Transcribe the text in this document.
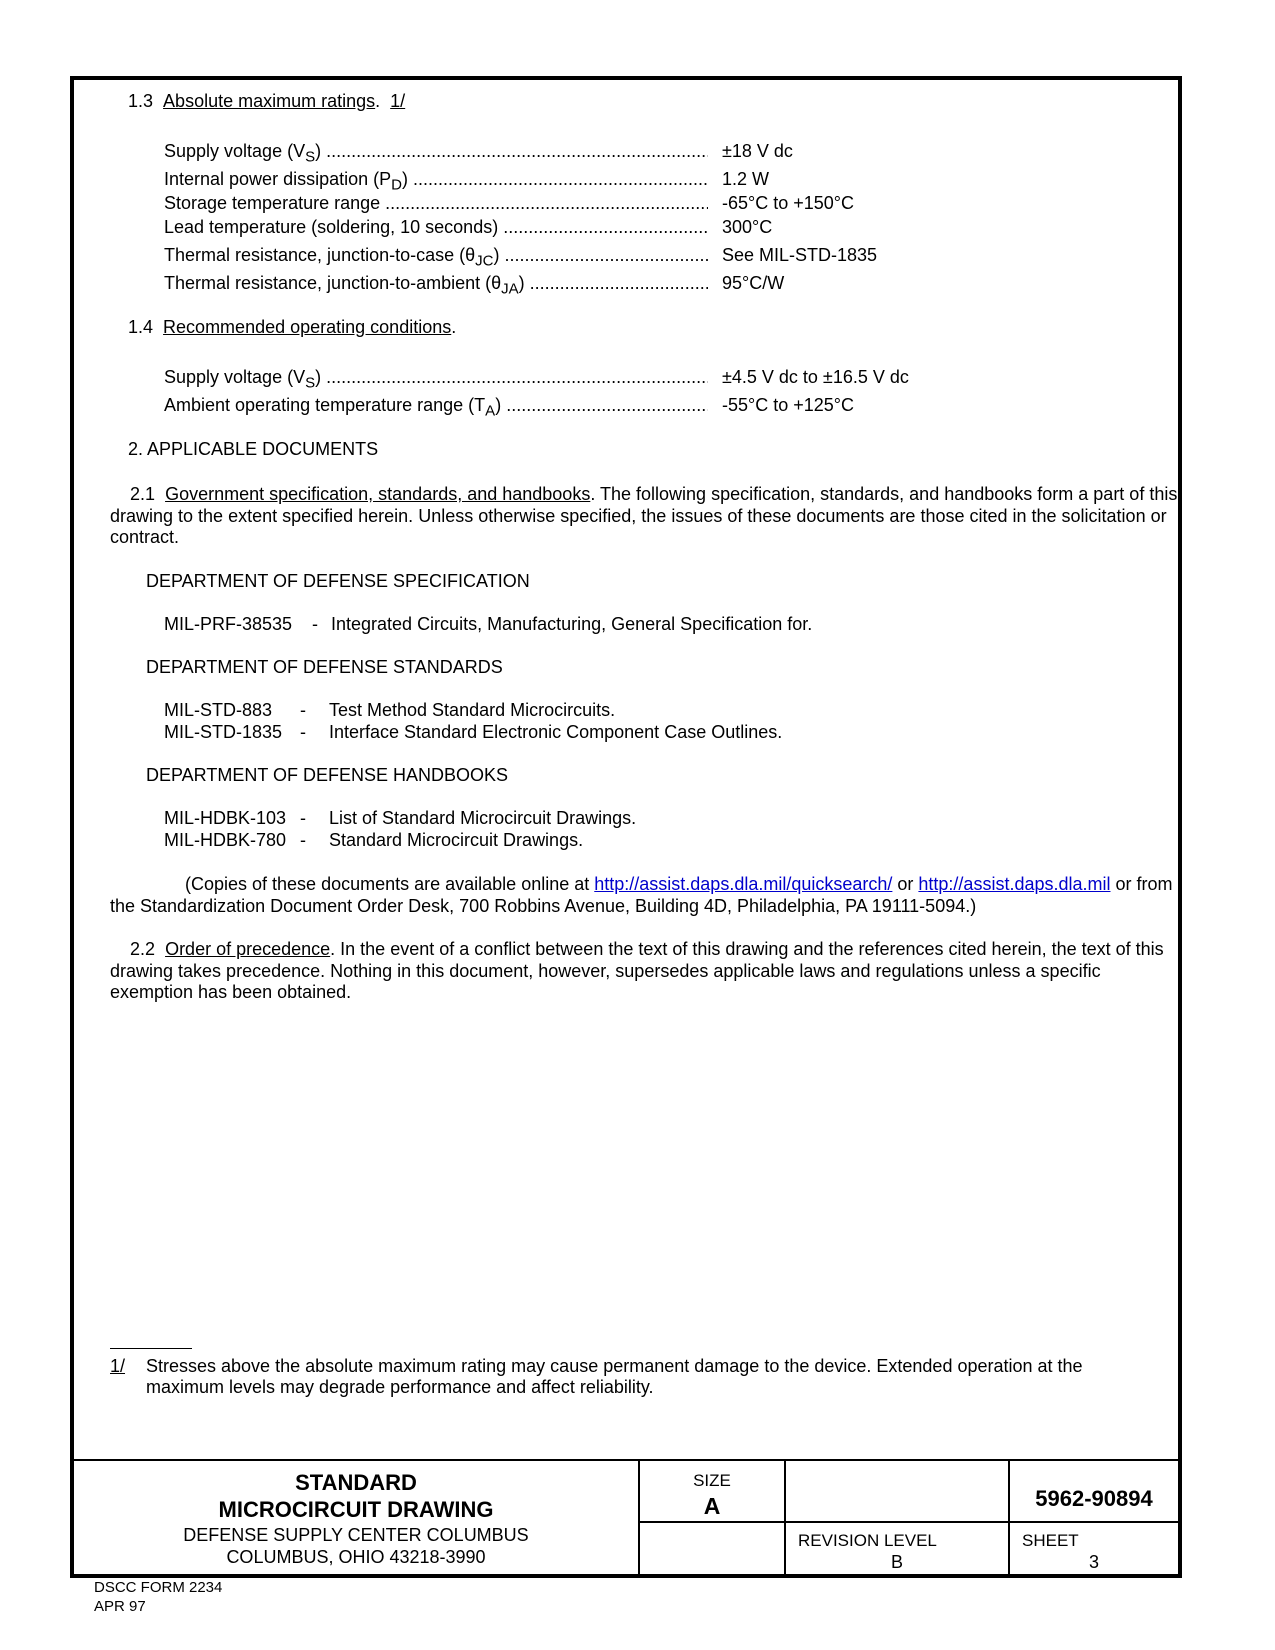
1.3 Absolute maximum ratings. 1/
Supply voltage $(V_S)$ .....	±18 V dc
Internal power dissipation $(P_D)$ .....	1.2 W
Storage temperature range .....	-65°C to +150°C
Lead temperature (soldering, 10 seconds) .....	300°C
Thermal resistance, junction-to-case $(\theta_{JC})$ .....	See MIL-STD-1835
Thermal resistance, junction-to-ambient $(\theta_{JA})$ .....	95°C/W
1.4 Recommended operating conditions.
Supply voltage $(V_S)$ .....	±4.5 V dc to ±16.5 V dc
Ambient operating temperature range $(T_A)$ .....	-55°C to +125°C
2. APPLICABLE DOCUMENTS
2.1 Government specification, standards, and handbooks. The following specification, standards, and handbooks form a part of this drawing to the extent specified herein. Unless otherwise specified, the issues of these documents are those cited in the solicitation or contract.
DEPARTMENT OF DEFENSE SPECIFICATION
MIL-PRF-38535	- Integrated Circuits, Manufacturing, General Specification for.
DEPARTMENT OF DEFENSE STANDARDS
MIL-STD-883	- Test Method Standard Microcircuits.
MIL-STD-1835 - Interface Standard Electronic Component Case Outlines.
DEPARTMENT OF DEFENSE HANDBOOKS
MIL-HDBK-103 - List of Standard Microcircuit Drawings.
MIL-HDBK-780 - Standard Microcircuit Drawings.
(Copies of these documents are available online at http://assist.daps.dla.mil/quicksearch/ or http://assist.daps.dla.mil or from the Standardization Document Order Desk, 700 Robbins Avenue, Building 4D, Philadelphia, PA 19111-5094.)
2.2 Order of precedence. In the event of a conflict between the text of this drawing and the references cited herein, the text of this drawing takes precedence. Nothing in this document, however, supersedes applicable laws and regulations unless a specific exemption has been obtained.
1/ Stresses above the absolute maximum rating may cause permanent damage to the device. Extended operation at the
maximum levels may degrade performance and affect reliability.
STANDARD
MICROCIRCUIT DRAWING
DEFENSE SUPPLY CENTER COLUMBUS
COLUMBUS, OHIO 43218-3990
SIZE
A	5962-90894
REVISION LEVEL
B
SHEET
3
DSCC FORM 2234
APR 97
